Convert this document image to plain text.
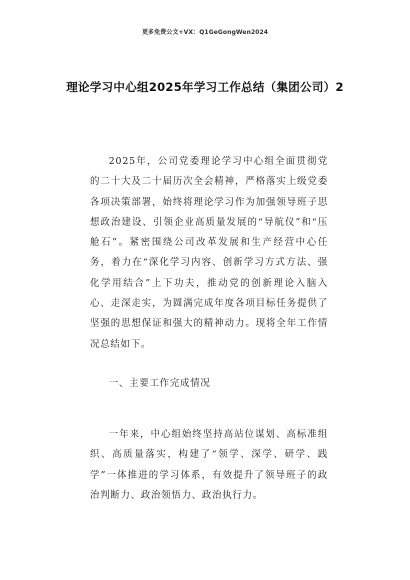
更多免费公文+VX：Q1GeGongWen2024
理论学习中心组2025年学习工作总结（集团公司）2

2025年，公司党委理论学习中心组全面贯彻党的二十大及二十届历次全会精神，严格落实上级党委各项决策部署，始终将理论学习作为加强领导班子思想政治建设、引领企业高质量发展的“导航仪”和“压舱石”。紧密围绕公司改革发展和生产经营中心任务，着力在“深化学习内容、创新学习方式方法、强化学用结合”上下功夫，推动党的创新理论入脑入心、走深走实，为圆满完成年度各项目标任务提供了坚强的思想保证和强大的精神动力。现将全年工作情况总结如下。

一、主要工作完成情况

一年来，中心组始终坚持高站位谋划、高标准组织、高质量落实，构建了“领学、深学、研学、践学”一体推进的学习体系，有效提升了领导班子的政治判断力、政治领悟力、政治执行力。
